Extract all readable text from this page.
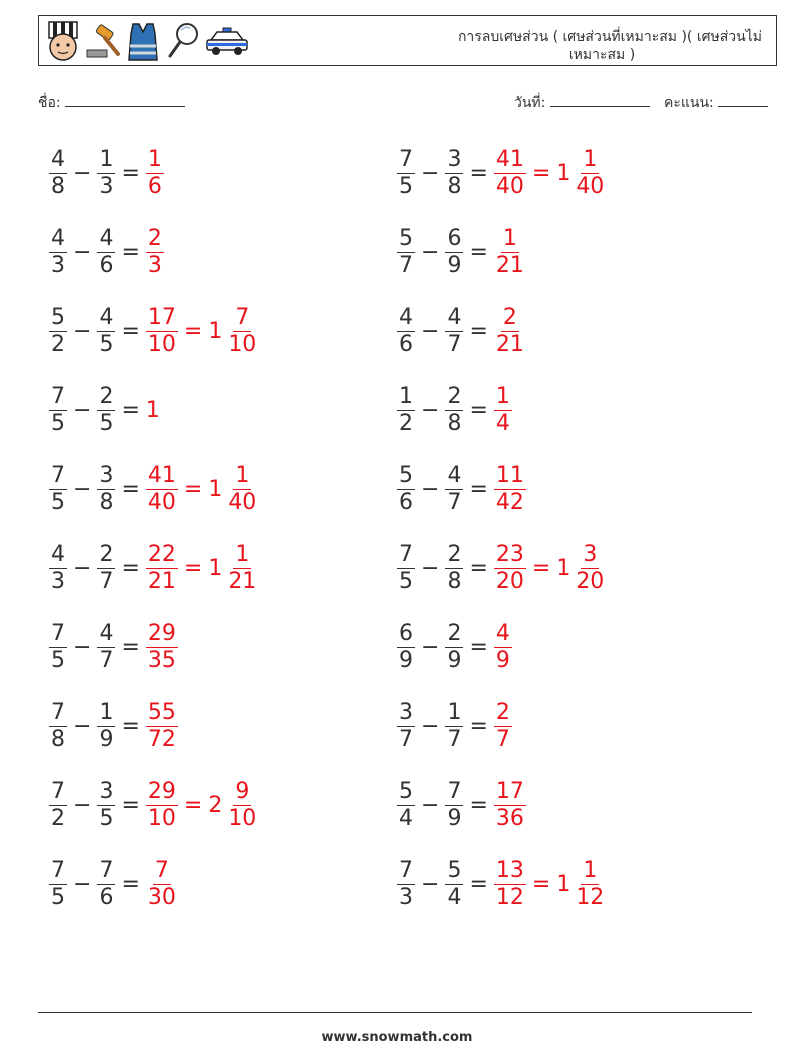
การลบเศษส่วน ( เศษส่วนที่เหมาะสม )( เศษส่วนไม่
เหมาะสม )
ชื่อ:	วันที่:	คะแนน:
$\frac{4}{8} - \frac{1}{3} = \frac{1}{6}$	$\frac{7}{5} - \frac{3}{8} = \frac{41}{40} = 1 \frac{1}{40}$
$\frac{4}{3} - \frac{4}{6} = \frac{2}{3}$	$\frac{5}{7} - \frac{6}{9} = \frac{1}{21}$
$\frac{5}{2} - \frac{4}{5} = \frac{17}{10} = 1 \frac{7}{10}$	$\frac{4}{6} - \frac{4}{7} = \frac{2}{21}$
$\frac{7}{5} - \frac{2}{5} = 1$	$\frac{1}{2} - \frac{2}{8} = \frac{1}{4}$
$\frac{7}{5} - \frac{3}{8} = \frac{41}{40} = 1 \frac{1}{40}$	$\frac{5}{6} - \frac{4}{7} = \frac{11}{42}$
$\frac{4}{3} - \frac{2}{7} = \frac{22}{21} = 1 \frac{1}{21}$	$\frac{7}{5} - \frac{2}{8} = \frac{23}{20} = 1 \frac{3}{20}$
$\frac{7}{5} - \frac{4}{7} = \frac{29}{35}$	$\frac{6}{9} - \frac{2}{9} = \frac{4}{9}$
$\frac{7}{8} - \frac{1}{9} = \frac{55}{72}$	$\frac{3}{7} - \frac{1}{7} = \frac{2}{7}$
$\frac{7}{2} - \frac{3}{5} = \frac{29}{10} = 2 \frac{9}{10}$	$\frac{5}{4} - \frac{7}{9} = \frac{17}{36}$
$\frac{7}{5} - \frac{7}{6} = \frac{7}{30}$	$\frac{7}{3} - \frac{5}{4} = \frac{13}{12} = 1 \frac{1}{12}$
www.snowmath.com
